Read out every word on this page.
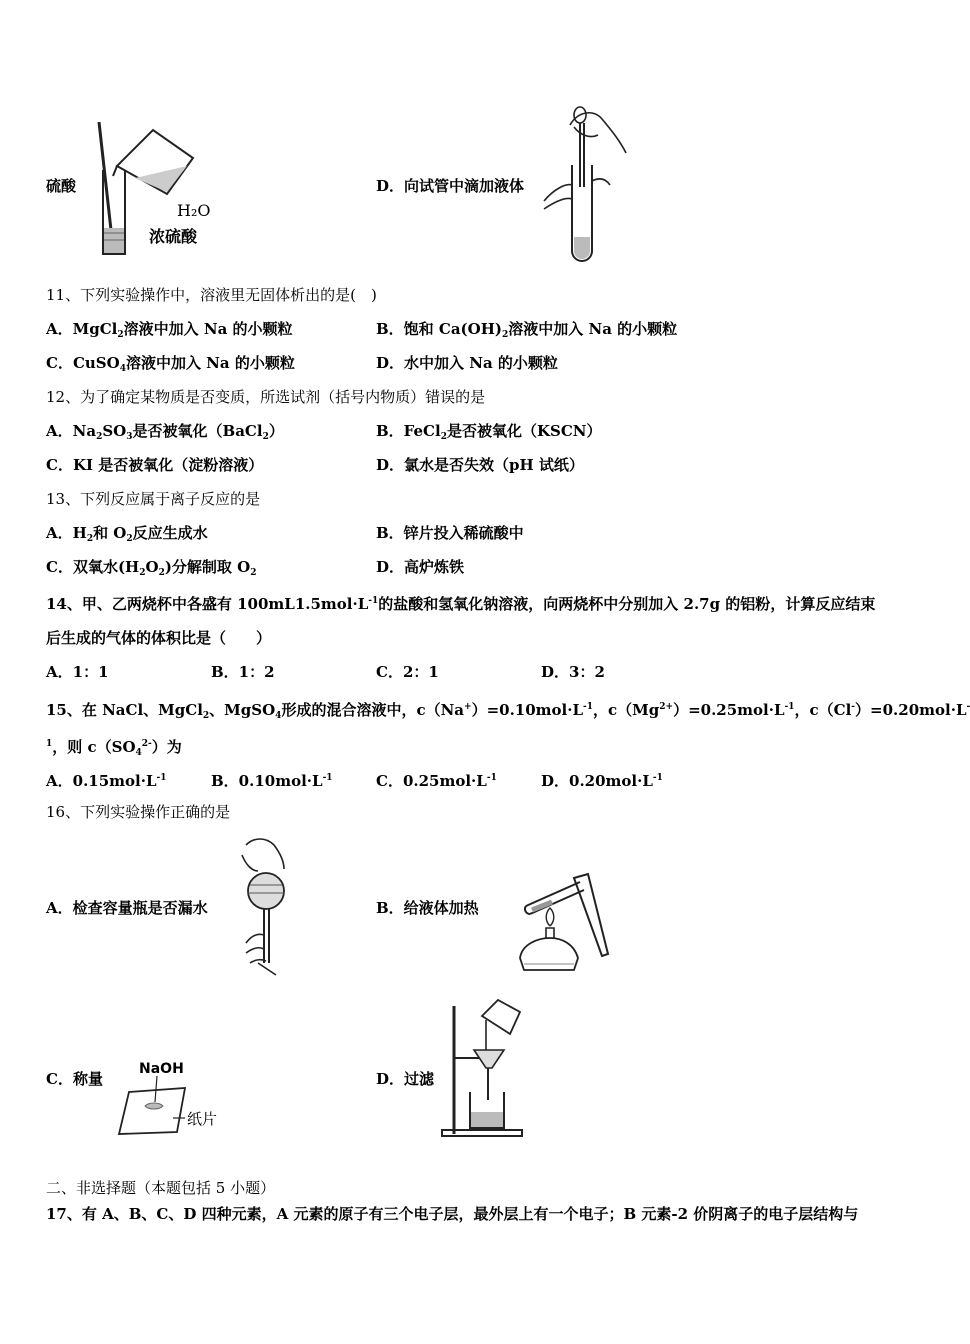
硫酸
H₂O
浓硫酸
D．向试管中滴加液体
11、下列实验操作中，溶液里无固体析出的是(　)
A．MgCl$_2$溶液中加入 Na 的小颗粒	B．饱和 $Ca(OH)_2$溶液中加入 Na 的小颗粒
C．CuSO$_4$溶液中加入 Na 的小颗粒	D．水中加入 Na 的小颗粒
12、为了确定某物质是否变质，所选试剂（括号内物质）错误的是
A．$Na_2SO_3$是否被氧化（BaCl$_2$）	B．FeCl$_2$是否被氧化（KSCN）
C．KI 是否被氧化（淀粉溶液）	D．氯水是否失效（pH 试纸）
13、下列反应属于离子反应的是
A．$H_2$和 $O_2$反应生成水	B．锌片投入稀硫酸中
C．双氧水$(H_2O_2)$分解制取 $O_2$	D．高炉炼铁
14、甲、乙两烧杯中各盛有 $100mL1.5mol\cdot L^{-1}$的盐酸和氢氧化钠溶液，向两烧杯中分别加入 2.7g 的铝粉，计算反应结束
后生成的气体的体积比是（　　）
A．1：1	B．1：2	C．2：1	D．3：2
15、在 NaCl、MgCl$_2$、MgSO$_4$形成的混合溶液中，$c(Na^+)=0.10mol\cdot L^{-1}$，$c(Mg^{2+})=0.25mol\cdot L^{-1}$，c（Cl-）=0.20mol·L-
$^1$，则 $c(SO_4^{2-})$为
A．$0.15mol\cdot L^{-1}$	B．$0.10mol\cdot L^{-1}$	C．$0.25mol\cdot L^{-1}$	D．$0.20mol\cdot L^{-1}$
16、下列实验操作正确的是
A．检查容量瓶是否漏水	B．给液体加热
C．称量
NaOH
纸片
D．过滤
二、非选择题（本题包括 5 小题）
17、有 A、B、C、D 四种元素，A 元素的原子有三个电子层，最外层上有一个电子；B 元素-2 价阴离子的电子层结构与
